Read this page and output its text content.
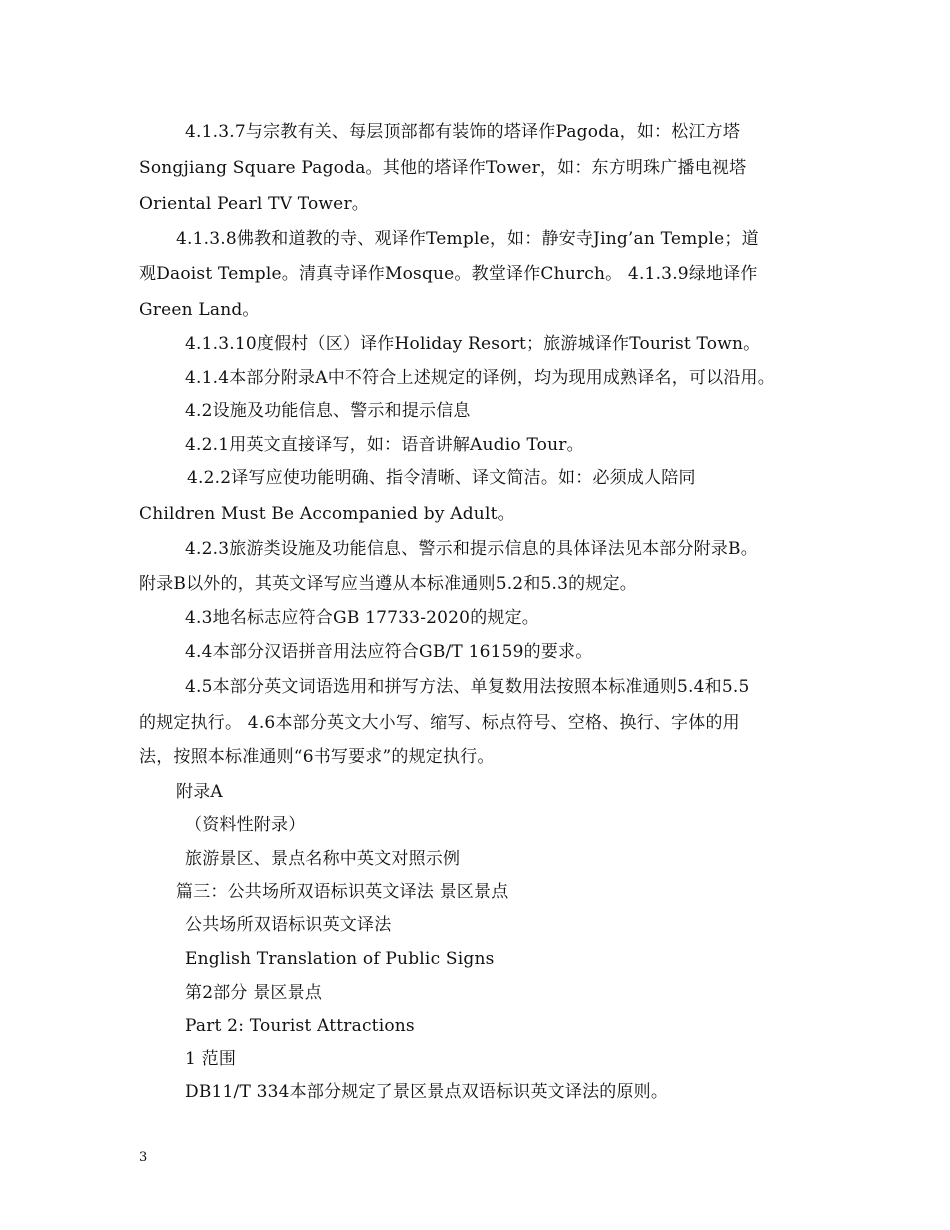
4.1.3.7与宗教有关、每层顶部都有装饰的塔译作Pagoda，如：松江方塔
Songjiang Square Pagoda。其他的塔译作Tower，如：东方明珠广播电视塔
Oriental Pearl TV Tower。
4.1.3.8佛教和道教的寺、观译作Temple，如：静安寺Jing’an Temple；道
观Daoist Temple。清真寺译作Mosque。教堂译作Church。 4.1.3.9绿地译作
Green Land。
4.1.3.10度假村（区）译作Holiday Resort；旅游城译作Tourist Town。
4.1.4本部分附录A中不符合上述规定的译例，均为现用成熟译名，可以沿用。
4.2设施及功能信息、警示和提示信息
4.2.1用英文直接译写，如：语音讲解Audio Tour。
4.2.2译写应使功能明确、指令清晰、译文简洁。如：必须成人陪同
Children Must Be Accompanied by Adult。
4.2.3旅游类设施及功能信息、警示和提示信息的具体译法见本部分附录B。
附录B以外的，其英文译写应当遵从本标准通则5.2和5.3的规定。
4.3地名标志应符合GB 17733-2020的规定。
4.4本部分汉语拼音用法应符合GB/T 16159的要求。
4.5本部分英文词语选用和拼写方法、单复数用法按照本标准通则5.4和5.5
的规定执行。 4.6本部分英文大小写、缩写、标点符号、空格、换行、字体的用
法，按照本标准通则“6书写要求”的规定执行。
附录A
（资料性附录）
旅游景区、景点名称中英文对照示例
篇三：公共场所双语标识英文译法 景区景点
公共场所双语标识英文译法
English Translation of Public Signs
第2部分 景区景点
Part 2: Tourist Attractions
1 范围
DB11/T 334本部分规定了景区景点双语标识英文译法的原则。
3
